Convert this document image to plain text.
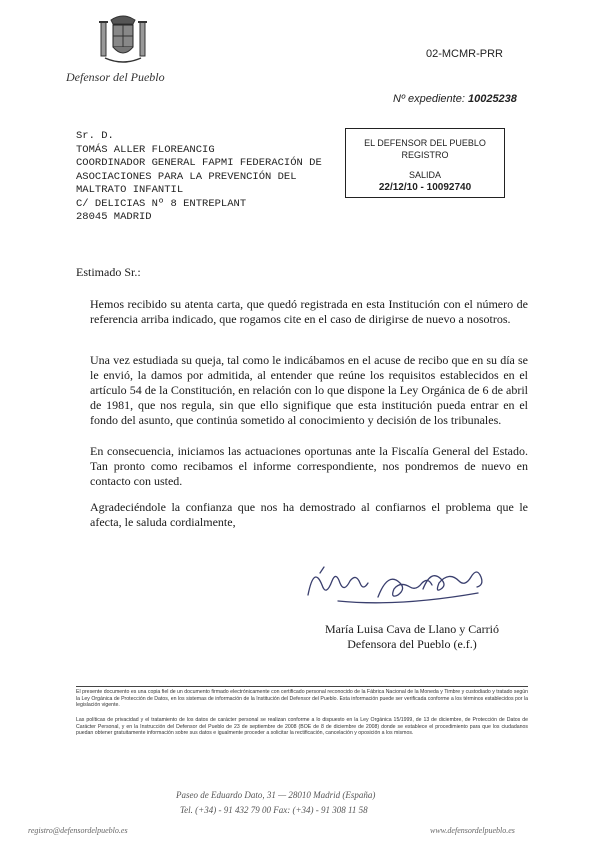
Defensor del Pueblo
02-MCMR-PRR
Nº expediente: 10025238
Sr. D.
TOMÁS ALLER FLOREANCIG
COORDINADOR GENERAL FAPMI FEDERACIÓN DE
ASOCIACIONES PARA LA PREVENCIÓN DEL
MALTRATO INFANTIL
C/ DELICIAS Nº 8 ENTREPLANT
28045 MADRID
EL DEFENSOR DEL PUEBLO
REGISTRO
SALIDA
22/12/10 - 10092740
Estimado Sr.:
Hemos recibido su atenta carta, que quedó registrada en esta Institución con el número de referencia arriba indicado, que rogamos cite en el caso de dirigirse de nuevo a nosotros.
Una vez estudiada su queja, tal como le indicábamos en el acuse de recibo que en su día se le envió, la damos por admitida, al entender que reúne los requisitos establecidos en el artículo 54 de la Constitución, en relación con lo que dispone la Ley Orgánica de 6 de abril de 1981, que nos regula, sin que ello signifique que esta institución pueda entrar en el fondo del asunto, que continúa sometido al conocimiento y decisión de los tribunales.
En consecuencia, iniciamos las actuaciones oportunas ante la Fiscalía General del Estado. Tan pronto como recibamos el informe correspondiente, nos pondremos de nuevo en contacto con usted.
Agradeciéndole la confianza que nos ha demostrado al confiarnos el problema que le afecta, le saluda cordialmente,
María Luisa Cava de Llano y Carrió
Defensora del Pueblo (e.f.)
El presente documento es una copia fiel de un documento firmado electrónicamente con certificado personal reconocido de la Fábrica Nacional de la Moneda y Timbre y custodiado y tratado según la Ley Orgánica de Protección de Datos, en los sistemas de información de la Institución del Defensor del Pueblo. Esta información puede ser verificada conforme a los términos establecidos por la legislación vigente.
Las políticas de privacidad y el tratamiento de los datos de carácter personal se realizan conforme a lo dispuesto en la Ley Orgánica 15/1999, de 13 de diciembre, de Protección de Datos de Carácter Personal, y en la Instrucción del Defensor del Pueblo de 23 de septiembre de 2008 (BOE de 8 de diciembre de 2008) donde se establece el procedimiento para que los ciudadanos puedan obtener gratuitamente información sobre sus datos e igualmente proceder a solicitar la rectificación, cancelación y oposición a los mismos.
Paseo de Eduardo Dato, 31 — 28010 Madrid (España)
Tel. (+34) - 91 432 79 00 Fax: (+34) - 91 308 11 58
registro@defensordelpueblo.es	www.defensordelpueblo.es
